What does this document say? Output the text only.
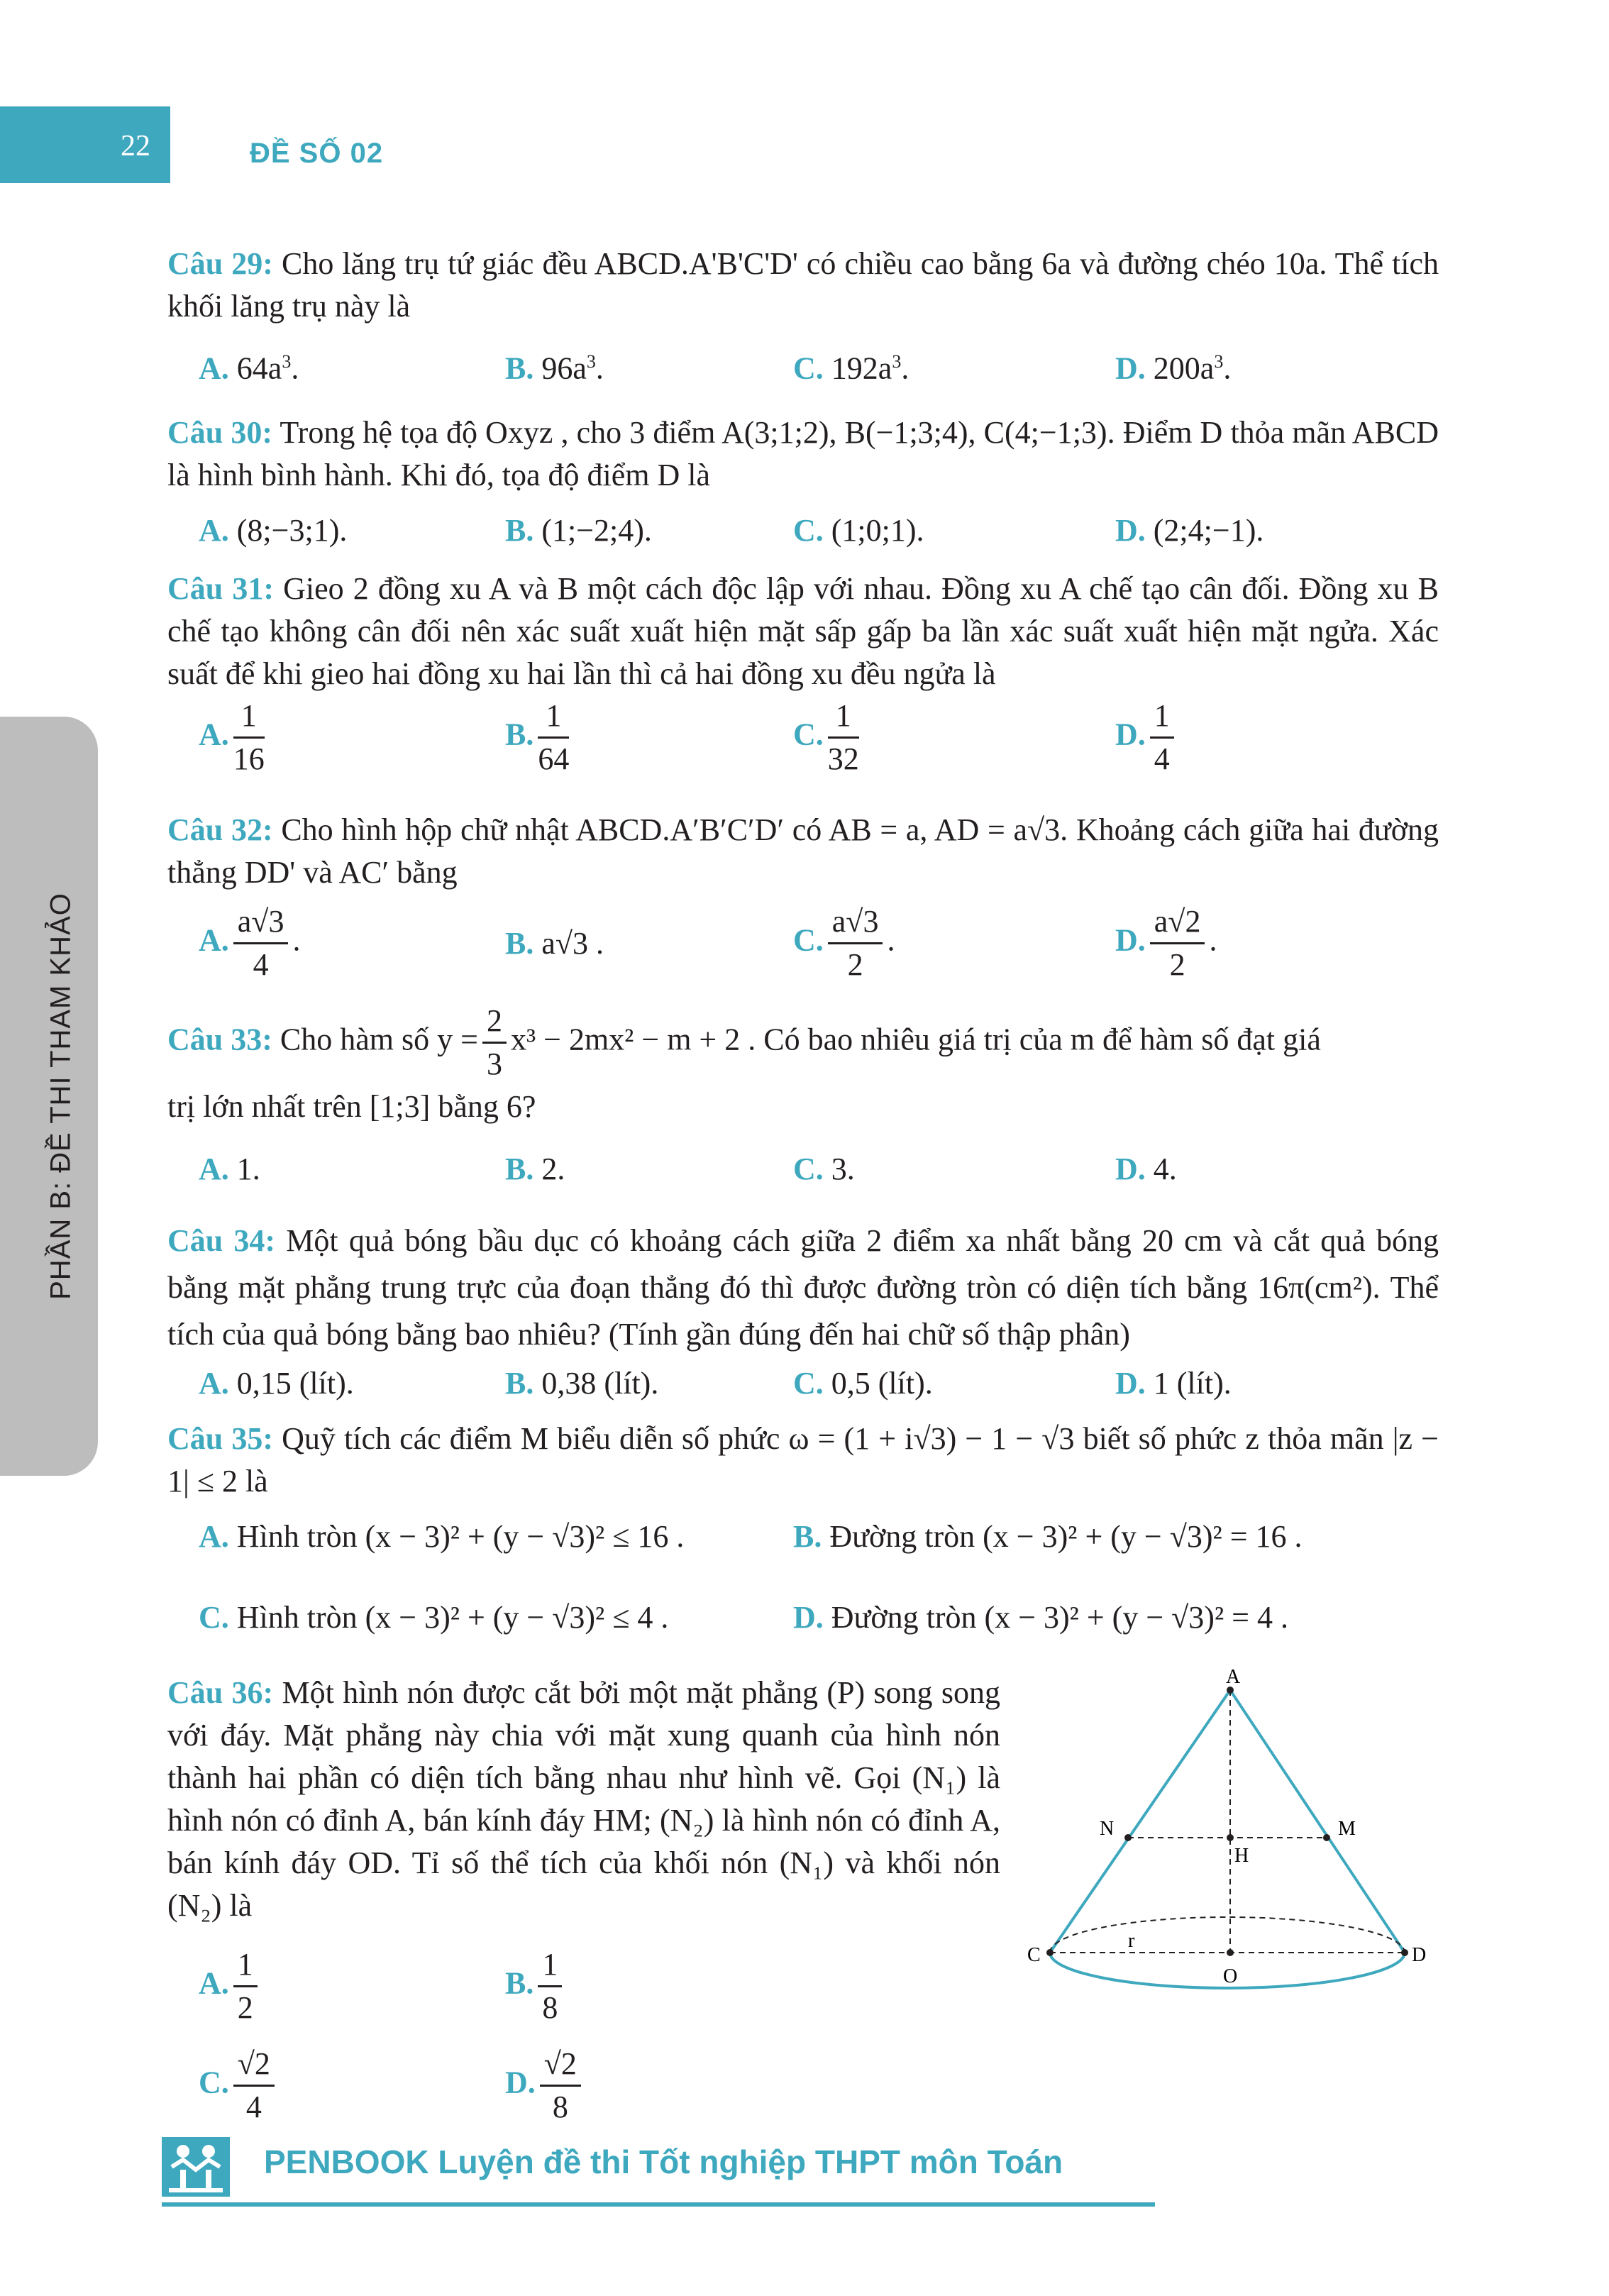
22	ĐỀ SỐ 02
PHẦN B: ĐỀ THI THAM KHẢO
Câu 29: Cho lăng trụ tứ giác đều ABCD.A'B'C'D' có chiều cao bằng 6a và đường chéo 10a. Thể tích khối lăng trụ này là
A. $64a^3$.	B. $96a^3$.	C. $192a^3$.	D. $200a^3$.
Câu 30: Trong hệ tọa độ Oxyz , cho 3 điểm A(3;1;2), B(−1;3;4), C(4;−1;3). Điểm D thỏa mãn ABCD là hình bình hành. Khi đó, tọa độ điểm D là
A. (8;−3;1).	B. (1;−2;4).	C. (1;0;1).	D. (2;4;−1).
Câu 31: Gieo 2 đồng xu A và B một cách độc lập với nhau. Đồng xu A chế tạo cân đối. Đồng xu B chế tạo không cân đối nên xác suất xuất hiện mặt sấp gấp ba lần xác suất xuất hiện mặt ngửa. Xác suất để khi gieo hai đồng xu hai lần thì cả hai đồng xu đều ngửa là
A. $\frac{1}{16}$	B. $\frac{1}{64}$	C. $\frac{1}{32}$	D. $\frac{1}{4}$
Câu 32: Cho hình hộp chữ nhật ABCD.A′B′C′D′ có AB = a, AD = a√3. Khoảng cách giữa hai đường thẳng DD' và AC′ bằng
A. $\frac{a√3}{4}$ .	B. a√3 .	C. $\frac{a√3}{2}$ .	D. $\frac{a√2}{2}$ .
Câu 33: Cho hàm số $y = \frac{2}{3} x^3 - 2mx^2 - m + 2$ . Có bao nhiêu giá trị của m để hàm số đạt giá
trị lớn nhất trên [1;3] bằng 6?
A. 1.	B. 2.	C. 3.	D. 4.
Câu 34: Một quả bóng bầu dục có khoảng cách giữa 2 điểm xa nhất bằng 20 cm và cắt quả bóng bằng mặt phẳng trung trực của đoạn thẳng đó thì được đường tròn có diện tích bằng 16π(cm²). Thể tích của quả bóng bằng bao nhiêu? (Tính gần đúng đến hai chữ số thập phân)
A. 0,15 (lít).	B. 0,38 (lít).	C. 0,5 (lít).	D. 1 (lít).
Câu 35: Quỹ tích các điểm M biểu diễn số phức ω = (1 + i√3) − 1 − √3 biết số phức z thỏa mãn |z − 1| ≤ 2 là
A. Hình tròn (x − 3)² + (y − √3)² ≤ 16 .	B. Đường tròn (x − 3)² + (y − √3)² = 16 .
C. Hình tròn (x − 3)² + (y − √3)² ≤ 4 .	D. Đường tròn (x − 3)² + (y − √3)² = 4 .
Câu 36: Một hình nón được cắt bởi một mặt phẳng (P) song song với đáy. Mặt phẳng này chia với mặt xung quanh của hình nón thành hai phần có diện tích bằng nhau như hình vẽ. Gọi (N₁) là hình nón có đỉnh A, bán kính đáy HM; (N₂) là hình nón có đỉnh A, bán kính đáy OD. Tỉ số thể tích của khối nón (N₁) và khối nón (N₂) là
A. $\frac{1}{2}$	B. $\frac{1}{8}$
C. $\frac{√2}{4}$	D. $\frac{√2}{8}$
A
N	M
H
C	D
O
r
PENBOOK Luyện đề thi Tốt nghiệp THPT môn Toán
